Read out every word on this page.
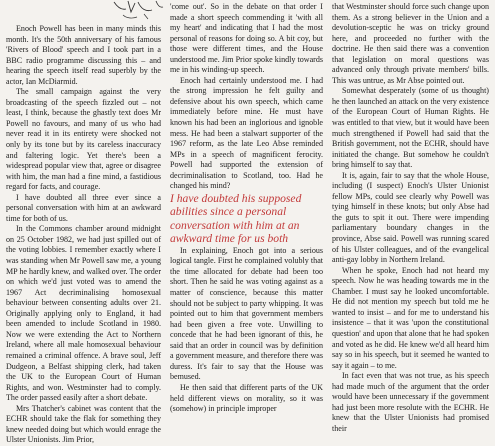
Enoch Powell has been in many minds this month. It's the 50th anniversary of his famous 'Rivers of Blood' speech and I took part in a BBC radio programme discussing this – and hearing the speech itself read superbly by the actor, Ian McDiarmid.

The small campaign against the very broadcasting of the speech fizzled out – not least, I think, because the ghastly text does Mr Powell no favours, and many of us who had never read it in its entirety were shocked not only by its tone but by its careless inaccuracy and faltering logic. Yet there's been a widespread popular view that, agree or disagree with him, the man had a fine mind, a fastidious regard for facts, and courage.

I have doubted all three ever since a personal conversation with him at an awkward time for both of us.

In the Commons chamber around midnight on 25 October 1982, we had just spilled out of the voting lobbies. I remember exactly where I was standing when Mr Powell saw me, a young MP he hardly knew, and walked over. The order on which we'd just voted was to amend the 1967 Act decriminalising homosexual behaviour between consenting adults over 21. Originally applying only to England, it had been amended to include Scotland in 1980. Now we were extending the Act to Northern Ireland, where all male homosexual behaviour remained a criminal offence. A brave soul, Jeff Dudgeon, a Belfast shipping clerk, had taken the UK to the European Court of Human Rights, and won. Westminster had to comply. The order passed easily after a short debate.

Mrs Thatcher's cabinet was content that the ECHR should take the flak for something they knew needed doing but which would enrage the Ulster Unionists. Jim Prior,

'come out'. So in the debate on that order I made a short speech commending it 'with all my heart' and indicating that I had the most personal of reasons for doing so. A bit coy, but those were different times, and the House understood me. Jim Prior spoke kindly towards me in his winding-up speech.

Enoch had certainly understood me. I had the strong impression he felt guilty and defensive about his own speech, which came immediately before mine. He must have known his had been an inglorious and ignoble mess. He had been a stalwart supporter of the 1967 reform, as the late Leo Abse reminded MPs in a speech of magnificent ferocity. Powell had supported the extension of decriminalisation to Scotland, too. Had he changed his mind?

I have doubted his supposed abilities since a personal conversation with him at an awkward time for us both

In explaining, Enoch got into a serious logical tangle. First he complained volubly that the time allocated for debate had been too short. Then he said he was voting against as a matter of conscience, because this matter should not be subject to party whipping. It was pointed out to him that government members had been given a free vote. Unwilling to concede that he had been ignorant of this, he said that an order in council was by definition a government measure, and therefore there was duress. It's fair to say that the House was bemused.

He then said that different parts of the UK held different views on morality, so it was (somehow) in principle improper

that Westminster should force such change upon them. As a strong believer in the Union and a devolution-sceptic he was on tricky ground here, and proceeded no further with the doctrine. He then said there was a convention that legislation on moral questions was advanced only through private members' bills. This was untrue, as Mr Abse pointed out.

Somewhat desperately (some of us thought) he then launched an attack on the very existence of the European Court of Human Rights. He was entitled to that view, but it would have been much strengthened if Powell had said that the British government, not the ECHR, should have initiated the change. But somehow he couldn't bring himself to say that.

It is, again, fair to say that the whole House, including (I suspect) Enoch's Ulster Unionist fellow MPs, could see clearly why Powell was tying himself in these knots; but only Abse had the guts to spit it out. There were impending parliamentary boundary changes in the province, Abse said. Powell was running scared of his Ulster colleagues, and of the evangelical anti-gay lobby in Northern Ireland.

When he spoke, Enoch had not heard my speech. Now he was heading towards me in the Chamber. I must say he looked uncomfortable. He did not mention my speech but told me he wanted to insist – and for me to understand his insistence – that it was 'upon the constitutional question' and upon that alone that he had spoken and voted as he did. He knew we'd all heard him say so in his speech, but it seemed he wanted to say it again – to me.

In fact even that was not true, as his speech had made much of the argument that the order would have been unnecessary if the government had just been more resolute with the ECHR. He knew that the Ulster Unionists had promised their
